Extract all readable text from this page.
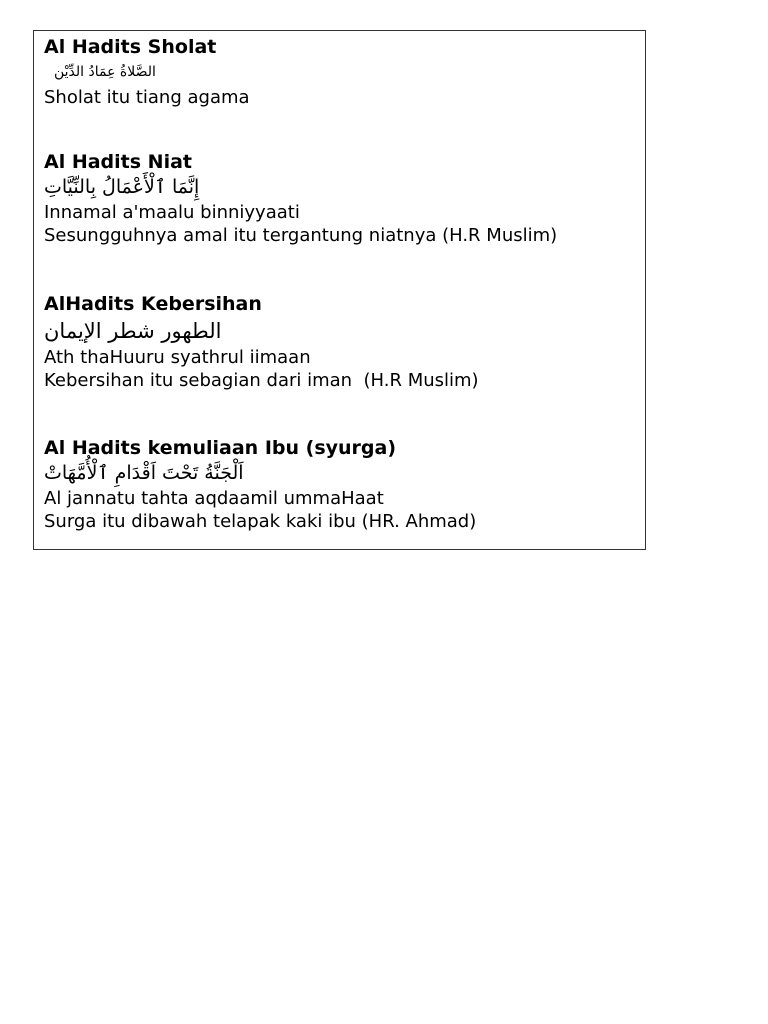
Al Hadits Sholat
الصَّلاةُ عِمَادُ الدِّيْن
Sholat itu tiang agama
Al Hadits Niat
إِنَّمَا ٱلْأَعْمَالُ بِالنِّيَّاتِ
Innamal a'maalu binniyyaati
Sesungguhnya amal itu tergantung niatnya (H.R Muslim)
AlHadits Kebersihan
الطهور شطر الإيمان
Ath thaHuuru syathrul iimaan
Kebersihan itu sebagian dari iman  (H.R Muslim)
Al Hadits kemuliaan Ibu (syurga)
اَلْجَنَّةُ تَحْتَ اَقْدَامِ ٱلْأُمَّهَاتْ
Al jannatu tahta aqdaamil ummaHaat
Surga itu dibawah telapak kaki ibu (HR. Ahmad)
